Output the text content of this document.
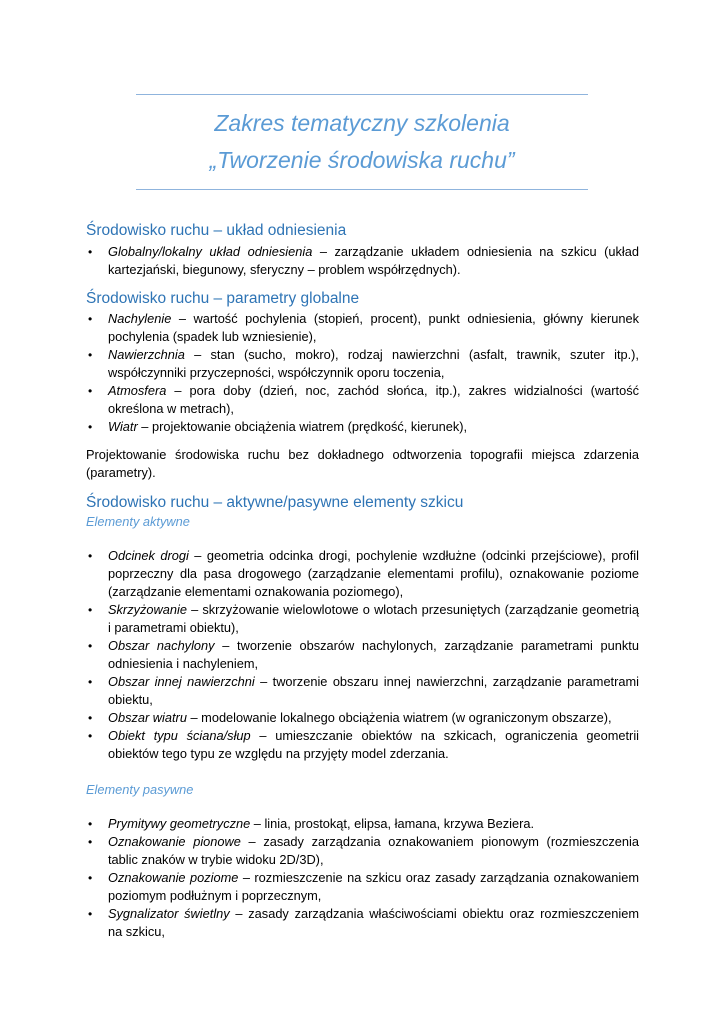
Zakres tematyczny szkolenia
„Tworzenie środowiska ruchu”
Środowisko ruchu – układ odniesienia
• Globalny/lokalny układ odniesienia – zarządzanie układem odniesienia na szkicu (układ kartezjański, biegunowy, sferyczny – problem współrzędnych).
Środowisko ruchu – parametry globalne
• Nachylenie – wartość pochylenia (stopień, procent), punkt odniesienia, główny kierunek pochylenia (spadek lub wzniesienie),
• Nawierzchnia – stan (sucho, mokro), rodzaj nawierzchni (asfalt, trawnik, szuter itp.), współczynniki przyczepności, współczynnik oporu toczenia,
• Atmosfera – pora doby (dzień, noc, zachód słońca, itp.), zakres widzialności (wartość określona w metrach),
• Wiatr – projektowanie obciążenia wiatrem (prędkość, kierunek),

Projektowanie środowiska ruchu bez dokładnego odtworzenia topografii miejsca zdarzenia (parametry).

Środowisko ruchu – aktywne/pasywne elementy szkicu
Elementy aktywne
• Odcinek drogi – geometria odcinka drogi, pochylenie wzdłużne (odcinki przejściowe), profil poprzeczny dla pasa drogowego (zarządzanie elementami profilu), oznakowanie poziome (zarządzanie elementami oznakowania poziomego),
• Skrzyżowanie – skrzyżowanie wielowlotowe o wlotach przesuniętych (zarządzanie geometrią i parametrami obiektu),
• Obszar nachylony – tworzenie obszarów nachylonych, zarządzanie parametrami punktu odniesienia i nachyleniem,
• Obszar innej nawierzchni – tworzenie obszaru innej nawierzchni, zarządzanie parametrami obiektu,
• Obszar wiatru – modelowanie lokalnego obciążenia wiatrem (w ograniczonym obszarze),
• Obiekt typu ściana/słup – umieszczanie obiektów na szkicach, ograniczenia geometrii obiektów tego typu ze względu na przyjęty model zderzania.
Elementy pasywne
• Prymitywy geometryczne – linia, prostokąt, elipsa, łamana, krzywa Beziera.
• Oznakowanie pionowe – zasady zarządzania oznakowaniem pionowym (rozmieszczenia tablic znaków w trybie widoku 2D/3D),
• Oznakowanie poziome – rozmieszczenie na szkicu oraz zasady zarządzania oznakowaniem poziomym podłużnym i poprzecznym,
• Sygnalizator świetlny – zasady zarządzania właściwościami obiektu oraz rozmieszczeniem na szkicu,
